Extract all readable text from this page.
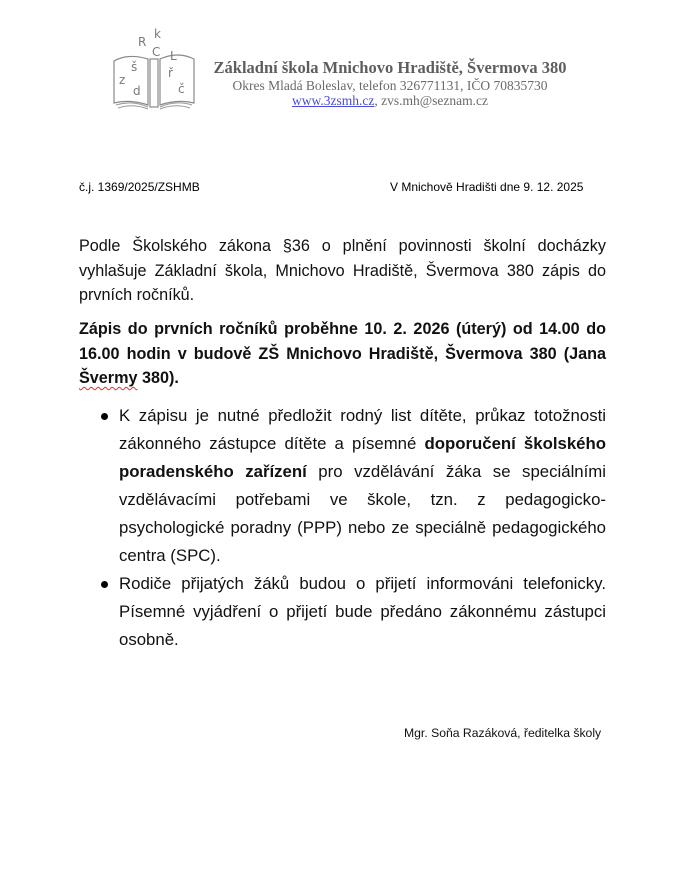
R
k
C L
š
z
d
ř
č
Základní škola Mnichovo Hradiště, Švermova 380
Okres Mladá Boleslav, telefon 326771131, IČO 70835730
www.3zsmh.cz, zvs.mh@seznam.cz
č.j. 1369/2025/ZSHMB	V Mnichově Hradišti dne 9. 12. 2025

Podle Školského zákona §36 o plnění povinnosti školní docházky vyhlašuje Základní škola, Mnichovo Hradiště, Švermova 380 zápis do prvních ročníků.

Zápis do prvních ročníků proběhne 10. 2. 2026 (úterý) od 14.00 do 16.00 hodin v budově ZŠ Mnichovo Hradiště, Švermova 380 (Jana Švermy 380).

K zápisu je nutné předložit rodný list dítěte, průkaz totožnosti zákonného zástupce dítěte a písemné doporučení školského poradenského zařízení pro vzdělávání žáka se speciálními vzdělávacími potřebami ve škole, tzn. z pedagogicko-psychologické poradny (PPP) nebo ze speciálně pedagogického centra (SPC).
Rodiče přijatých žáků budou o přijetí informováni telefonicky. Písemné vyjádření o přijetí bude předáno zákonnému zástupci osobně.
Mgr. Soňa Razáková, ředitelka školy
